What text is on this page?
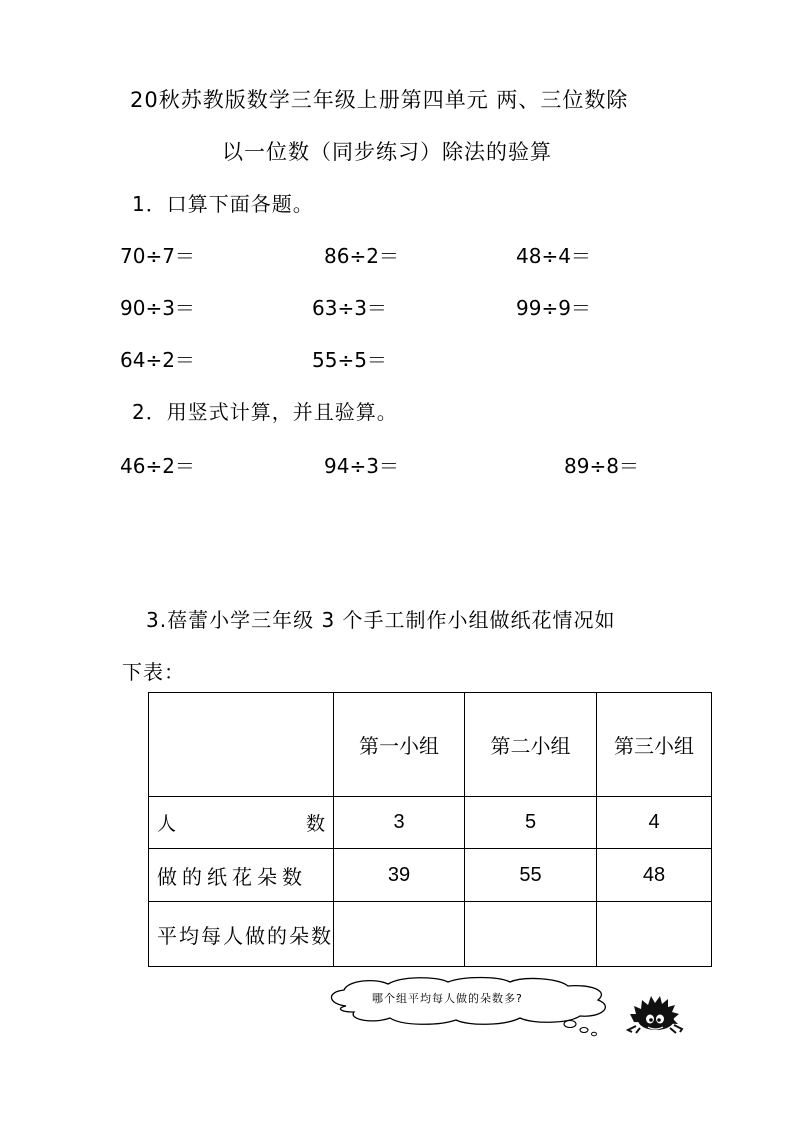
20秋苏教版数学三年级上册第四单元 两、三位数除
以一位数（同步练习）除法的验算
1．口算下面各题。
70÷7＝	86÷2＝	48÷4＝
90÷3＝	63÷3＝	99÷9＝
64÷2＝	55÷5＝
2．用竖式计算，并且验算。
46÷2＝	94÷3＝	89÷8＝
3.蓓蕾小学三年级 3 个手工制作小组做纸花情况如
下表：
	第一小组	第二小组	第三小组

人 数	3	5	4
做的纸花朵数	39	55	48
平均每人做的朵数			
哪个组平均每人做的朵数多?
